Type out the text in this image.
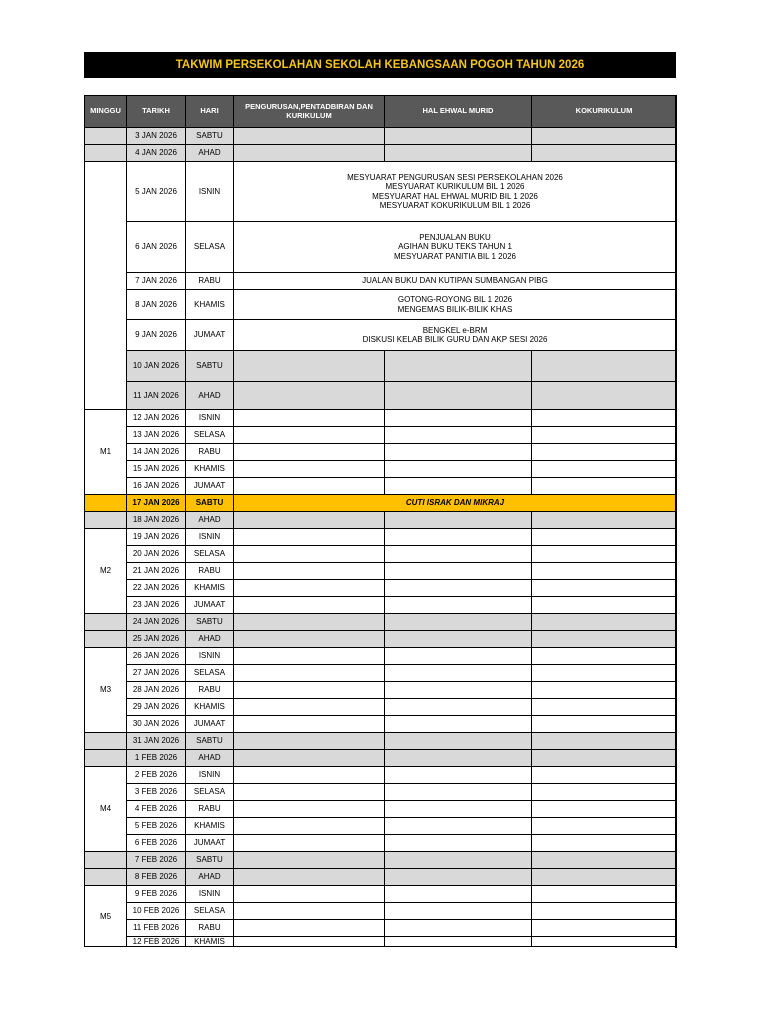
TAKWIM PERSEKOLAHAN SEKOLAH KEBANGSAAN POGOH TAHUN 2026
MINGGU	TARIKH	HARI	PENGURUSAN,PENTADBIRAN DAN KURIKULUM	HAL EHWAL MURID	KOKURIKULUM
	3 JAN 2026	SABTU			
	4 JAN 2026	AHAD			
	5 JAN 2026	ISNIN	MESYUARAT PENGURUSAN SESI PERSEKOLAHAN 2026
MESYUARAT KURIKULUM BIL 1 2026
MESYUARAT HAL EHWAL MURID BIL 1 2026
MESYUARAT KOKURIKULUM BIL 1 2026		

	6 JAN 2026	SELASA	PENJUALAN BUKU
AGIHAN BUKU TEKS TAHUN 1
MESYUARAT PANITIA BIL 1 2026		

	7 JAN 2026	RABU	JUALAN BUKU DAN KUTIPAN SUMBANGAN PIBG		

	8 JAN 2026	KHAMIS	GOTONG-ROYONG BIL 1 2026
MENGEMAS BILIK-BILIK KHAS		

	9 JAN 2026	JUMAAT	BENGKEL e-BRM
DISKUSI KELAB BILIK GURU DAN AKP SESI 2026		

	10 JAN 2026	SABTU			
	11 JAN 2026	AHAD			
M1	12 JAN 2026	ISNIN			
	13 JAN 2026	SELASA			
	14 JAN 2026	RABU			
	15 JAN 2026	KHAMIS			
	16 JAN 2026	JUMAAT			
	17 JAN 2026	SABTU	CUTI ISRAK DAN MIKRAJ		

	18 JAN 2026	AHAD			
M2	19 JAN 2026	ISNIN			
	20 JAN 2026	SELASA			
	21 JAN 2026	RABU			
	22 JAN 2026	KHAMIS			
	23 JAN 2026	JUMAAT			
	24 JAN 2026	SABTU			
	25 JAN 2026	AHAD			
M3	26 JAN 2026	ISNIN			
	27 JAN 2026	SELASA			
	28 JAN 2026	RABU			
	29 JAN 2026	KHAMIS			
	30 JAN 2026	JUMAAT			
	31 JAN 2026	SABTU			
	1 FEB 2026	AHAD			
M4	2 FEB 2026	ISNIN			
	3 FEB 2026	SELASA			
	4 FEB 2026	RABU			
	5 FEB 2026	KHAMIS			
	6 FEB 2026	JUMAAT			
	7 FEB 2026	SABTU			
	8 FEB 2026	AHAD			
M5	9 FEB 2026	ISNIN			
	10 FEB 2026	SELASA			
	11 FEB 2026	RABU			
	12 FEB 2026	KHAMIS			
